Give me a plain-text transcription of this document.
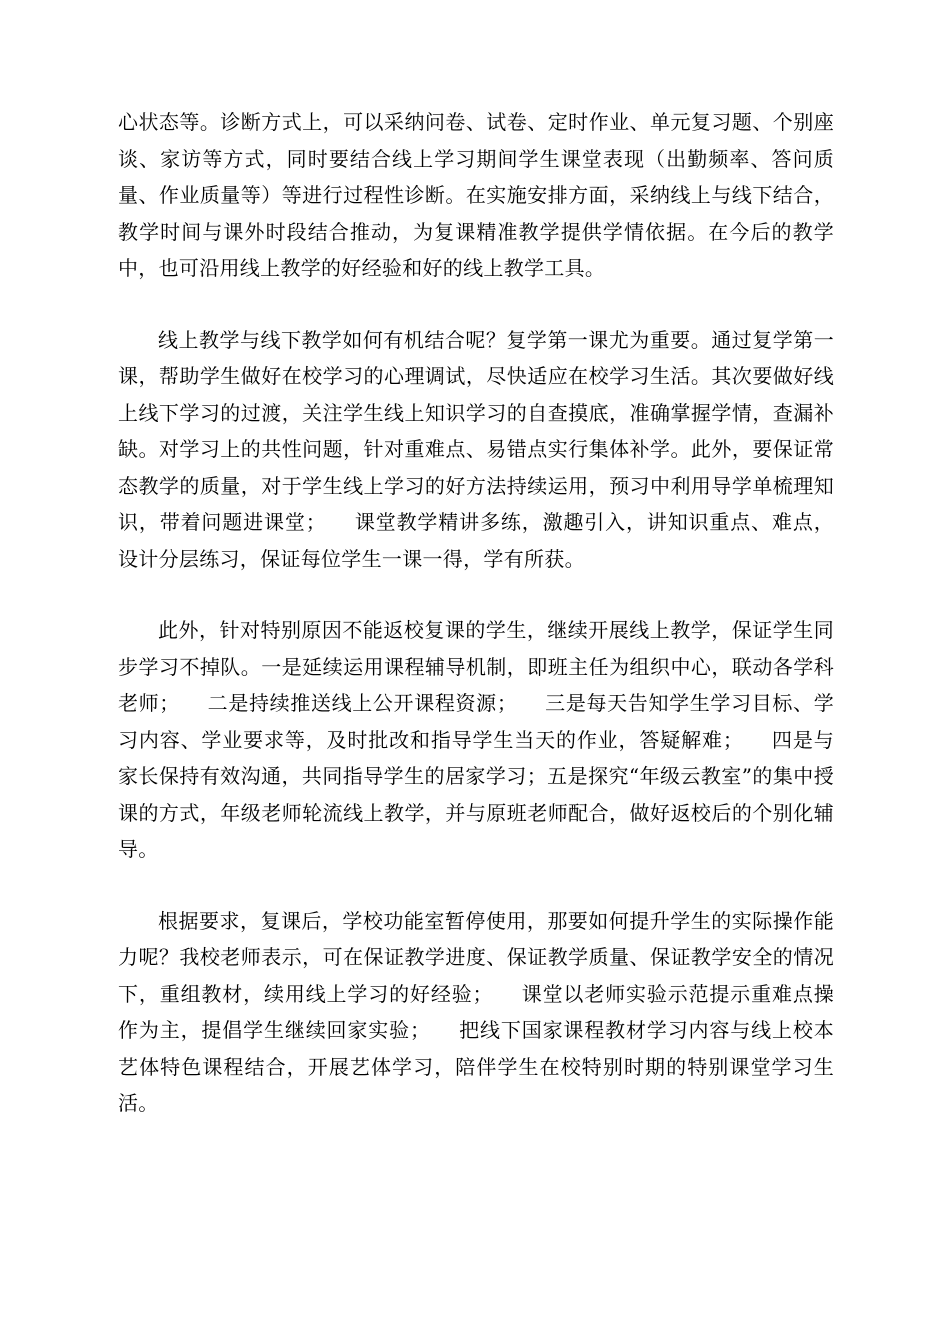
心状态等。诊断方式上，可以采纳问卷、试卷、定时作业、单元复习题、个别座谈、家访等方式，同时要结合线上学习期间学生课堂表现（出勤频率、答问质量、作业质量等）等进行过程性诊断。在实施安排方面，采纳线上与线下结合，教学时间与课外时段结合推动，为复课精准教学提供学情依据。在今后的教学中，也可沿用线上教学的好经验和好的线上教学工具。

线上教学与线下教学如何有机结合呢？复学第一课尤为重要。通过复学第一课，帮助学生做好在校学习的心理调试，尽快适应在校学习生活。其次要做好线上线下学习的过渡，关注学生线上知识学习的自查摸底，准确掌握学情，查漏补缺。对学习上的共性问题，针对重难点、易错点实行集体补学。此外，要保证常态教学的质量，对于学生线上学习的好方法持续运用，预习中利用导学单梳理知识，带着问题进课堂；    课堂教学精讲多练，激趣引入，讲知识重点、难点，设计分层练习，保证每位学生一课一得，学有所获。

此外，针对特别原因不能返校复课的学生，继续开展线上教学，保证学生同步学习不掉队。一是延续运用课程辅导机制，即班主任为组织中心，联动各学科老师；    二是持续推送线上公开课程资源；    三是每天告知学生学习目标、学习内容、学业要求等，及时批改和指导学生当天的作业，答疑解难；    四是与家长保持有效沟通，共同指导学生的居家学习；五是探究“年级云教室”的集中授课的方式，年级老师轮流线上教学，并与原班老师配合，做好返校后的个别化辅导。

根据要求，复课后，学校功能室暂停使用，那要如何提升学生的实际操作能力呢？我校老师表示，可在保证教学进度、保证教学质量、保证教学安全的情况下，重组教材，续用线上学习的好经验；    课堂以老师实验示范提示重难点操作为主，提倡学生继续回家实验；    把线下国家课程教材学习内容与线上校本艺体特色课程结合，开展艺体学习，陪伴学生在校特别时期的特别课堂学习生活。
